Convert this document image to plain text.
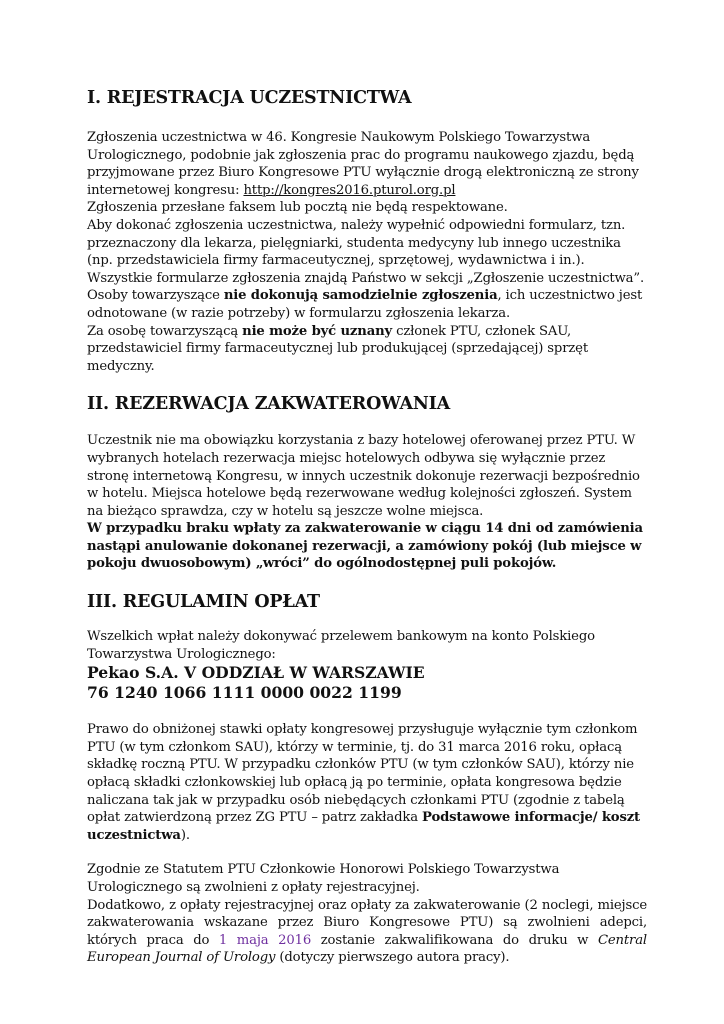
I. REJESTRACJA UCZESTNICTWA

Zgłoszenia uczestnictwa w 46. Kongresie Naukowym Polskiego Towarzystwa Urologicznego, podobnie jak zgłoszenia prac do programu naukowego zjazdu, będą przyjmowane przez Biuro Kongresowe PTU wyłącznie drogą elektroniczną ze strony internetowej kongresu: http://kongres2016.pturol.org.pl

Zgłoszenia przesłane faksem lub pocztą nie będą respektowane.

Aby dokonać zgłoszenia uczestnictwa, należy wypełnić odpowiedni formularz, tzn. przeznaczony dla lekarza, pielęgniarki, studenta medycyny lub innego uczestnika (np. przedstawiciela firmy farmaceutycznej, sprzętowej, wydawnictwa i in.). Wszystkie formularze zgłoszenia znajdą Państwo w sekcji „Zgłoszenie uczestnictwa”.

Osoby towarzyszące nie dokonują samodzielnie zgłoszenia, ich uczestnictwo jest odnotowane (w razie potrzeby) w formularzu zgłoszenia lekarza.

Za osobę towarzyszącą nie może być uznany członek PTU, członek SAU, przedstawiciel firmy farmaceutycznej lub produkującej (sprzedającej) sprzęt medyczny.

II. REZERWACJA ZAKWATEROWANIA

Uczestnik nie ma obowiązku korzystania z bazy hotelowej oferowanej przez PTU. W wybranych hotelach rezerwacja miejsc hotelowych odbywa się wyłącznie przez stronę internetową Kongresu, w innych uczestnik dokonuje rezerwacji bezpośrednio w hotelu. Miejsca hotelowe będą rezerwowane według kolejności zgłoszeń. System na bieżąco sprawdza, czy w hotelu są jeszcze wolne miejsca.

W przypadku braku wpłaty za zakwaterowanie w ciągu 14 dni od zamówienia nastąpi anulowanie dokonanej rezerwacji, a zamówiony pokój (lub miejsce w pokoju dwuosobowym) „wróci” do ogólnodostępnej puli pokojów.

III. REGULAMIN OPŁAT

Wszelkich wpłat należy dokonywać przelewem bankowym na konto Polskiego Towarzystwa Urologicznego:

Pekao S.A. V ODDZIAŁ W WARSZAWIE

76 1240 1066 1111 0000 0022 1199

Prawo do obniżonej stawki opłaty kongresowej przysługuje wyłącznie tym członkom PTU (w tym członkom SAU), którzy w terminie, tj. do 31 marca 2016 roku, opłacą składkę roczną PTU. W przypadku członków PTU (w tym członków SAU), którzy nie opłacą składki członkowskiej lub opłacą ją po terminie, opłata kongresowa będzie naliczana tak jak w przypadku osób niebędących członkami PTU (zgodnie z tabelą opłat zatwierdzoną przez ZG PTU – patrz zakładka Podstawowe informacje/ koszt uczestnictwa).

Zgodnie ze Statutem PTU Członkowie Honorowi Polskiego Towarzystwa Urologicznego są zwolnieni z opłaty rejestracyjnej.

Dodatkowo, z opłaty rejestracyjnej oraz opłaty za zakwaterowanie (2 noclegi, miejsce zakwaterowania wskazane przez Biuro Kongresowe PTU) są zwolnieni adepci, których praca do 1 maja 2016 zostanie zakwalifikowana do druku w Central European Journal of Urology (dotyczy pierwszego autora pracy).
